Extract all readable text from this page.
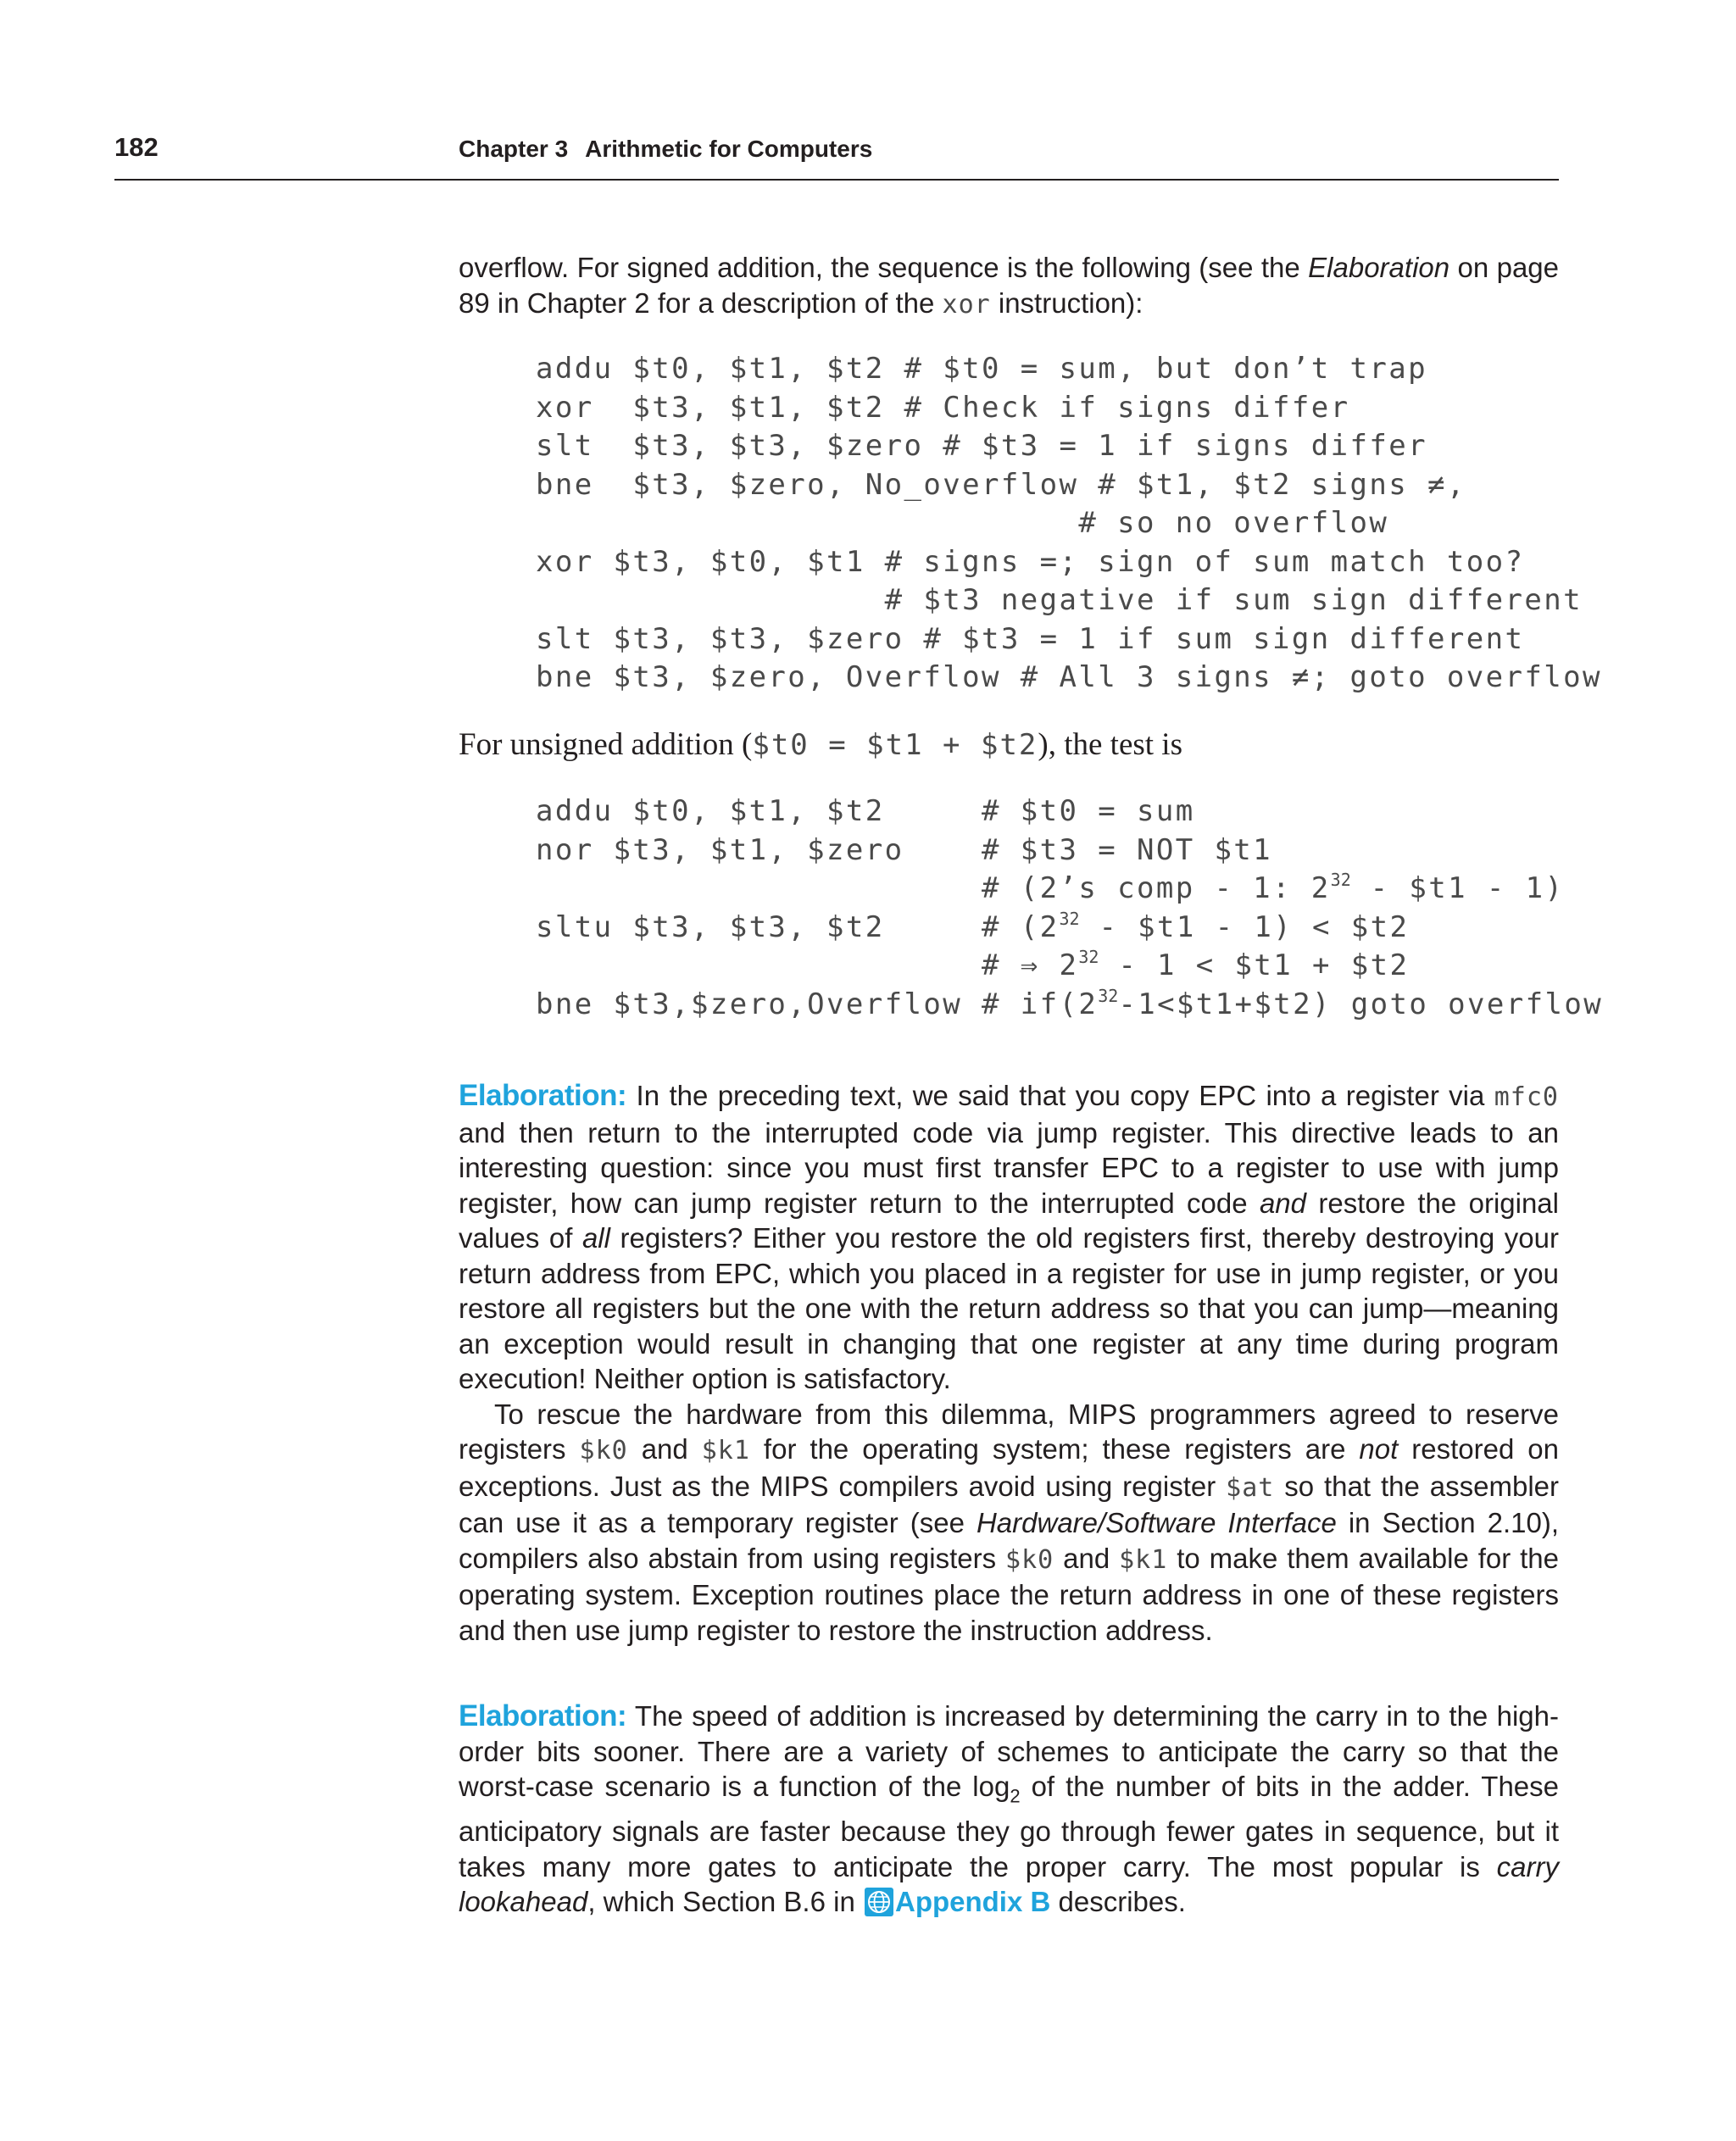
182	Chapter 3 Arithmetic for Computers

overflow. For signed addition, the sequence is the following (see the Elaboration on page 89 in Chapter 2 for a description of the xor instruction):

addu $t0, $t1, $t2 # $t0 = sum, but don’t trap
xor  $t3, $t1, $t2 # Check if signs differ
slt  $t3, $t3, $zero # $t3 = 1 if signs differ
bne  $t3, $zero, No_overflow # $t1, $t2 signs ≠,
# so no overflow
xor $t3, $t0, $t1 # signs =; sign of sum match too?
# $t3 negative if sum sign different
slt $t3, $t3, $zero # $t3 = 1 if sum sign different
bne $t3, $zero, Overflow # All 3 signs ≠; goto overflow
For unsigned addition ($t0 = $t1 + $t2), the test is
addu $t0, $t1, $t2     # $t0 = sum
nor $t3, $t1, $zero    # $t3 = NOT $t1
# (2’s comp - 1: $2^{32}$ - $t1 - 1)
sltu $t3, $t3, $t2     # ($2^{32}$ - $t1 - 1) < $t2
# ⇒ $2^{32} - 1$ < $t1 + $t2
bne $t3,$zero,Overflow # $if(2^{32}-1<\$t1+\$t2)$ goto overflow

Elaboration: In the preceding text, we said that you copy EPC into a register via mfc0 and then return to the interrupted code via jump register. This directive leads to an interesting question: since you must first transfer EPC to a register to use with jump register, how can jump register return to the interrupted code and restore the original values of all registers? Either you restore the old registers first, thereby destroying your return address from EPC, which you placed in a register for use in jump register, or you restore all registers but the one with the return address so that you can jump—meaning an exception would result in changing that one register at any time during program execution! Neither option is satisfactory.

To rescue the hardware from this dilemma, MIPS programmers agreed to reserve registers $k0 and $k1 for the operating system; these registers are not restored on exceptions. Just as the MIPS compilers avoid using register $at so that the assembler can use it as a temporary register (see Hardware/Software Interface in Section 2.10), compilers also abstain from using registers $k0 and $k1 to make them available for the operating system. Exception routines place the return address in one of these registers and then use jump register to restore the instruction address.

Elaboration: The speed of addition is increased by determining the carry in to the high-order bits sooner. There are a variety of schemes to anticipate the carry so that the worst-case scenario is a function of the $\log_2$ of the number of bits in the adder. These anticipatory signals are faster because they go through fewer gates in sequence, but it takes many more gates to anticipate the proper carry. The most popular is carry lookahead, which Section B.6 in Appendix B describes.
